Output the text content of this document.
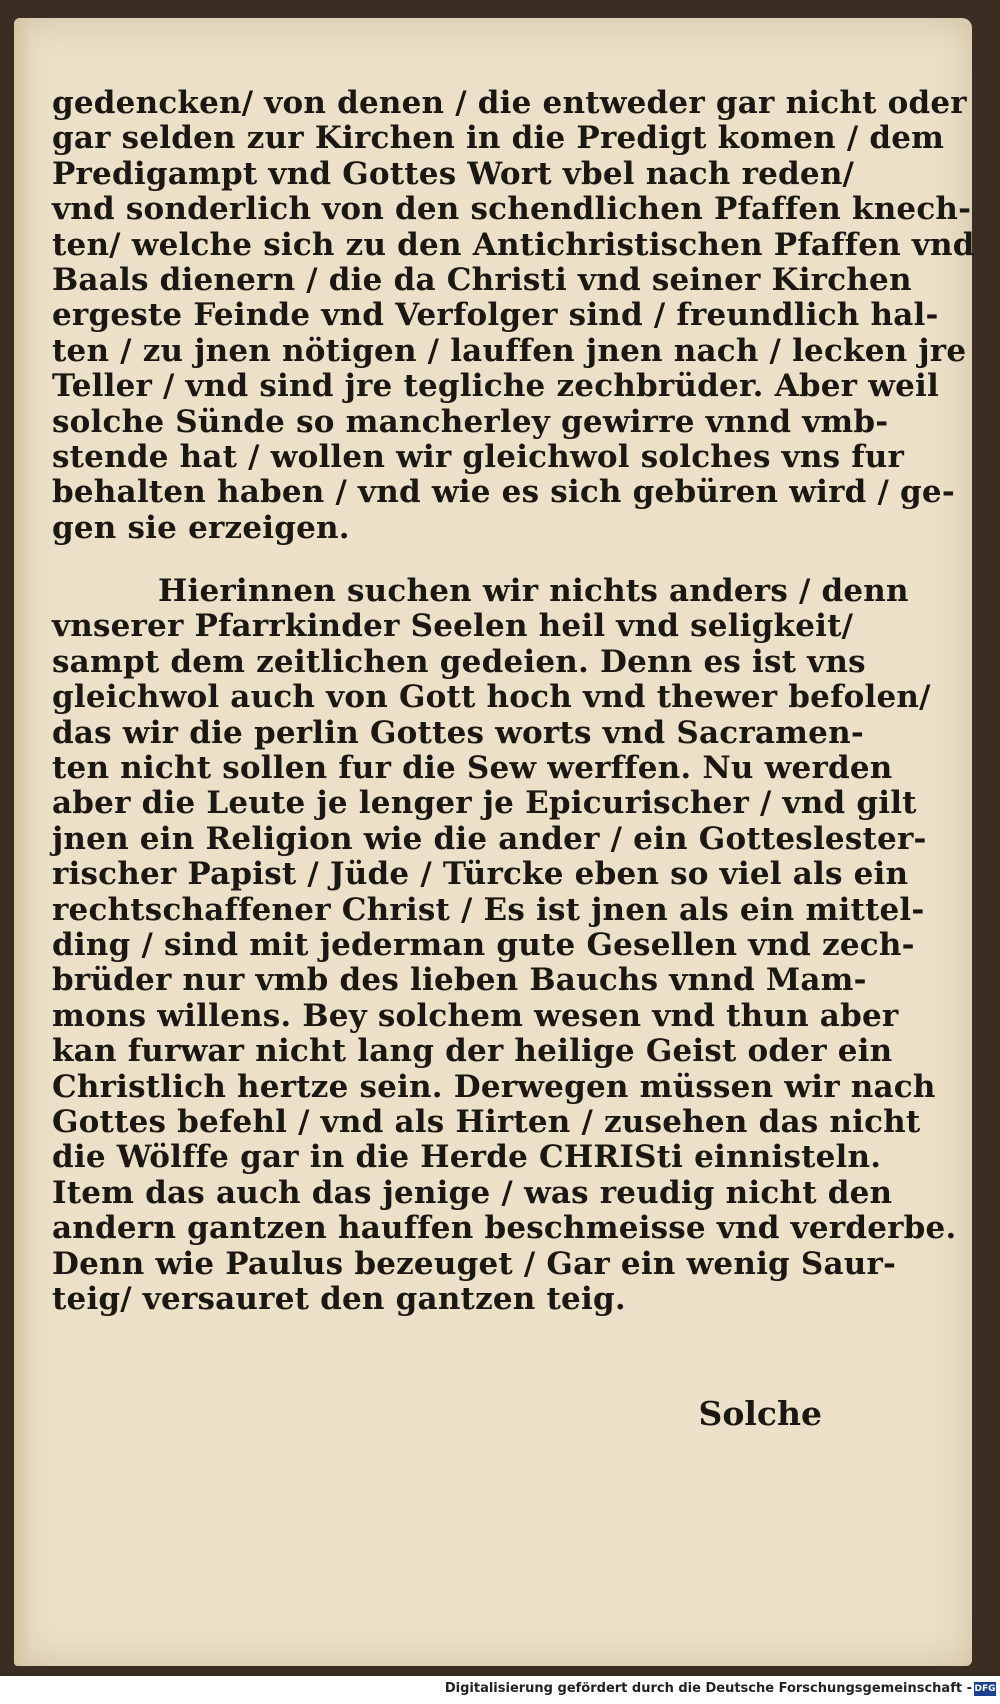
gedencken/ von denen / die entweder gar nicht oder
gar selden zur Kirchen in die Predigt komen / dem
Predigampt vnd Gottes Wort vbel nach reden/
vnd sonderlich von den schendlichen Pfaffen knech-
ten/ welche sich zu den Antichristischen Pfaffen vnd
Baals dienern / die da Christi vnd seiner Kirchen
ergeste Feinde vnd Verfolger sind / freundlich hal-
ten / zu jnen nötigen / lauffen jnen nach / lecken jre
Teller / vnd sind jre tegliche zechbrüder. Aber weil
solche Sünde so mancherley gewirre vnnd vmb-
stende hat / wollen wir gleichwol solches vns fur
behalten haben / vnd wie es sich gebüren wird / ge-
gen sie erzeigen.
Hierinnen suchen wir nichts anders / denn
vnserer Pfarrkinder Seelen heil vnd seligkeit/
sampt dem zeitlichen gedeien. Denn es ist vns
gleichwol auch von Gott hoch vnd thewer befolen/
das wir die perlin Gottes worts vnd Sacramen-
ten nicht sollen fur die Sew werffen. Nu werden
aber die Leute je lenger je Epicurischer / vnd gilt
jnen ein Religion wie die ander / ein Gotteslester-
rischer Papist / Jüde / Türcke eben so viel als ein
rechtschaffener Christ / Es ist jnen als ein mittel-
ding / sind mit jederman gute Gesellen vnd zech-
brüder nur vmb des lieben Bauchs vnnd Mam-
mons willens. Bey solchem wesen vnd thun aber
kan furwar nicht lang der heilige Geist oder ein
Christlich hertze sein. Derwegen müssen wir nach
Gottes befehl / vnd als Hirten / zusehen das nicht
die Wölffe gar in die Herde CHRISti einnisteln.
Item das auch das jenige / was reudig nicht den
andern gantzen hauffen beschmeisse vnd verderbe.
Denn wie Paulus bezeuget / Gar ein wenig Saur-
teig/ versauret den gantzen teig.
Solche
Digitalisierung gefördert durch die Deutsche Forschungsgemeinschaft - DFG
